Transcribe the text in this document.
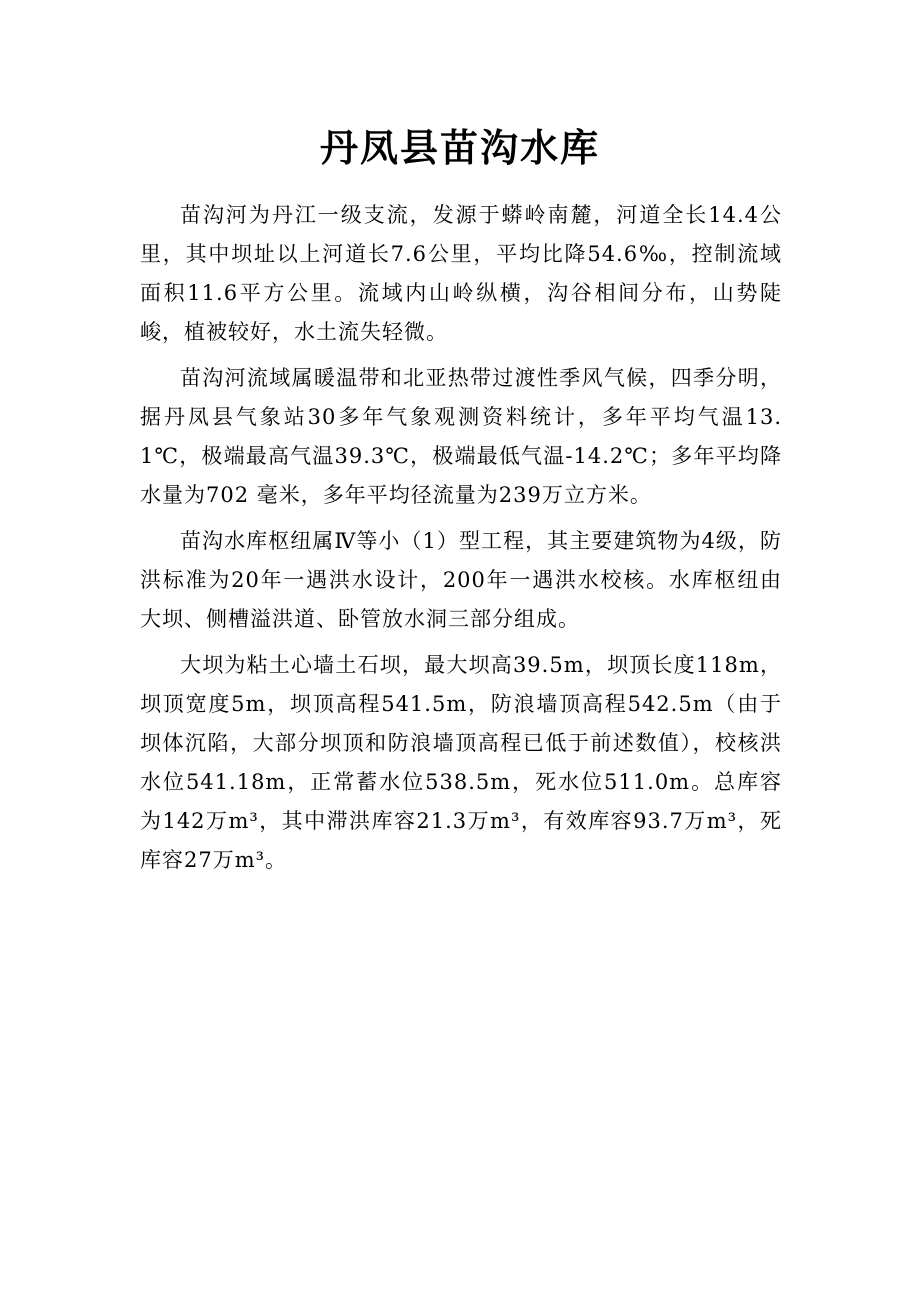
丹凤县苗沟水库

苗沟河为丹江一级支流，发源于蟒岭南麓，河道全长14.4公里，其中坝址以上河道长7.6公里，平均比降54.6‰，控制流域面积11.6平方公里。流域内山岭纵横，沟谷相间分布，山势陡峻，植被较好，水土流失轻微。

苗沟河流域属暖温带和北亚热带过渡性季风气候，四季分明，据丹凤县气象站30多年气象观测资料统计，多年平均气温13.1℃，极端最高气温39.3℃，极端最低气温-14.2℃；多年平均降水量为702 毫米，多年平均径流量为239万立方米。

苗沟水库枢纽属Ⅳ等小（1）型工程，其主要建筑物为4级，防洪标准为20年一遇洪水设计，200年一遇洪水校核。水库枢纽由大坝、侧槽溢洪道、卧管放水洞三部分组成。

大坝为粘土心墙土石坝，最大坝高39.5m，坝顶长度118m，坝顶宽度5m，坝顶高程541.5m，防浪墙顶高程542.5m（由于坝体沉陷，大部分坝顶和防浪墙顶高程已低于前述数值），校核洪水位541.18m，正常蓄水位538.5m，死水位511.0m。总库容为142万m³，其中滞洪库容21.3万m³，有效库容93.7万m³，死库容27万m³。
